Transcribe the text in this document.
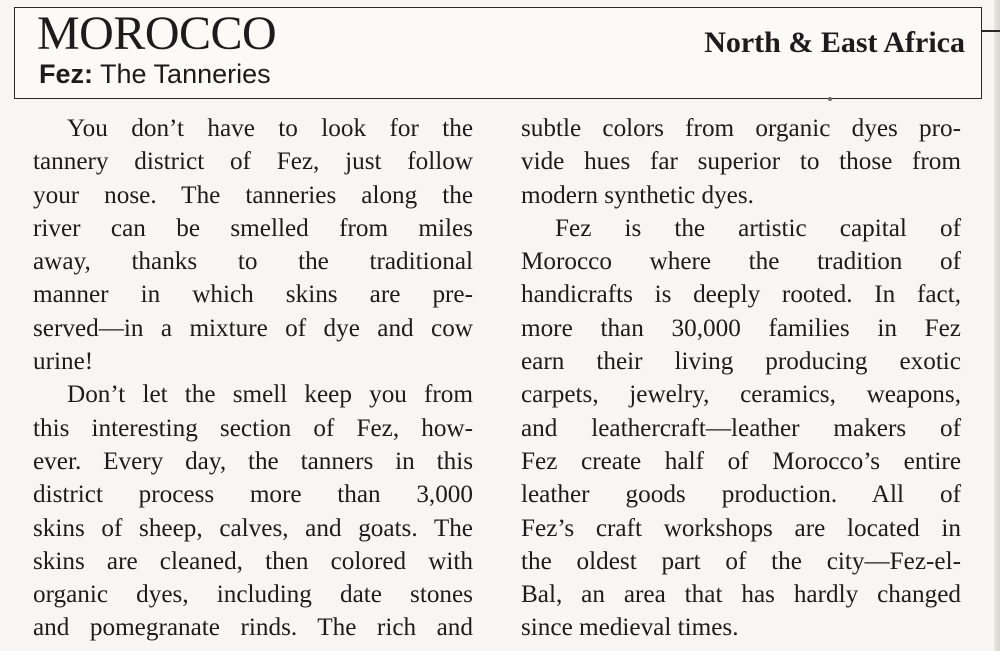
MOROCCO
Fez: The Tanneries
North & East Africa

You don’t have to look for the
tannery district of Fez, just follow
your nose. The tanneries along the
river can be smelled from miles
away, thanks to the traditional
manner in which skins are pre-
served—in a mixture of dye and cow
urine!

Don’t let the smell keep you from
this interesting section of Fez, how-
ever. Every day, the tanners in this
district process more than 3,000
skins of sheep, calves, and goats. The
skins are cleaned, then colored with
organic dyes, including date stones
and pomegranate rinds. The rich and

subtle colors from organic dyes pro-
vide hues far superior to those from
modern synthetic dyes.

Fez is the artistic capital of
Morocco where the tradition of
handicrafts is deeply rooted. In fact,
more than 30,000 families in Fez
earn their living producing exotic
carpets, jewelry, ceramics, weapons,
and leathercraft—leather makers of
Fez create half of Morocco’s entire
leather goods production. All of
Fez’s craft workshops are located in
the oldest part of the city—Fez-el-
Bal, an area that has hardly changed
since medieval times.
